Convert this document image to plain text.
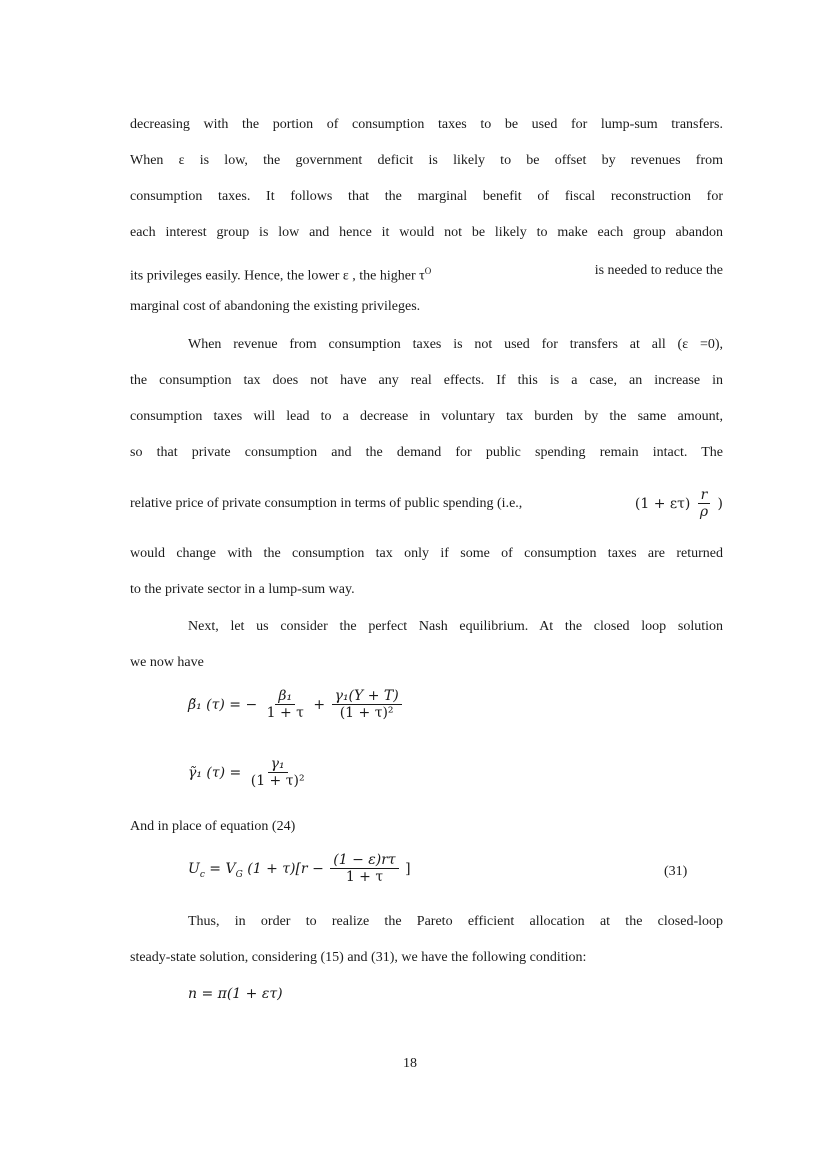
decreasing with the portion of consumption taxes to be used for lump-sum transfers.
When ε is low, the government deficit is likely to be offset by revenues from
consumption taxes. It follows that the marginal benefit of fiscal reconstruction for
each interest group is low and hence it would not be likely to make each group abandon
its privileges easily. Hence, the lower ε , the higher $\tau^O$	is needed to reduce the
marginal cost of abandoning the existing privileges.
When revenue from consumption taxes is not used for transfers at all (ε =0),
the consumption tax does not have any real effects. If this is a case, an increase in
consumption taxes will lead to a decrease in voluntary tax burden by the same amount,
so that private consumption and the demand for public spending remain intact. The
relative price of private consumption in terms of public spending (i.e.,	$(1 + \varepsilon\tau) \frac{r}{\rho}$ )
would change with the consumption tax only if some of consumption taxes are returned
to the private sector in a lump-sum way.
Next, let us consider the perfect Nash equilibrium. At the closed loop solution
we now have
β̃₁ (τ) = − $\frac{\text{β₁}}{1 + \tau} + \frac{\text{γ₁(Y + T)}}{\text{(1 + τ)²}}$
γ̃₁ $(\tau) = \frac{\text{γ₁}}{\text{(1 + τ)²}}$
And in place of equation (24)
$U_c = V_G$ $(1 + \tau)[r - \frac{(1 - \varepsilon)r\tau}{1 + \tau}$ ]	(31)
Thus, in order to realize the Pareto efficient allocation at the closed-loop
steady-state solution, considering (15) and (31), we have the following condition:
n = π(1 + ετ)
18
